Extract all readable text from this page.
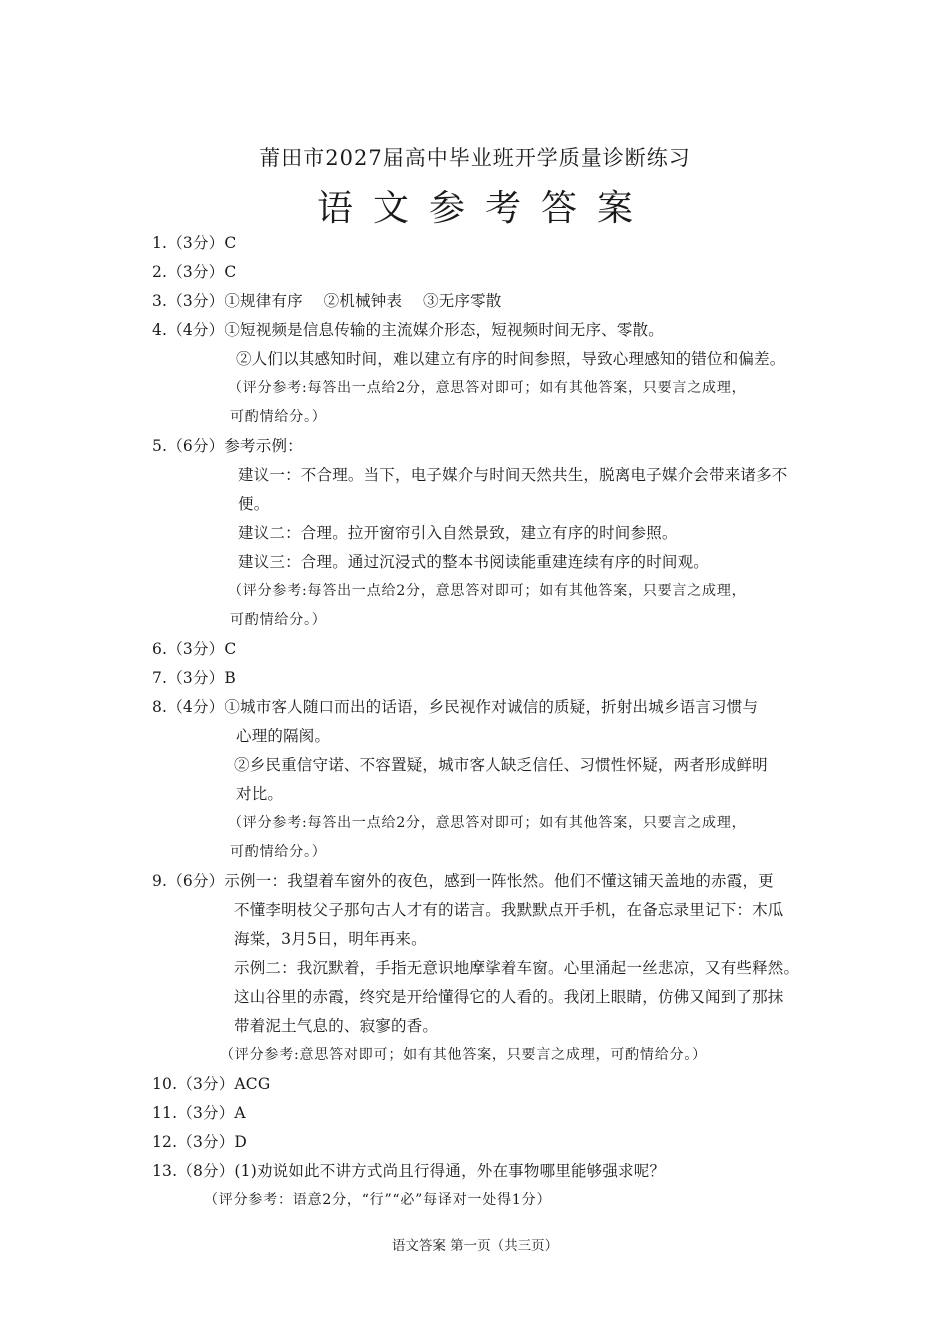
莆田市2027届高中毕业班开学质量诊断练习
语文参考答案
1.（3分）C
2.（3分）C
3.（3分）①规律有序　 ②机械钟表　 ③无序零散
4.（4分）①短视频是信息传输的主流媒介形态，短视频时间无序、零散。
②人们以其感知时间，难以建立有序的时间参照，导致心理感知的错位和偏差。
（评分参考:每答出一点给2分，意思答对即可；如有其他答案，只要言之成理，
可酌情给分。）
5.（6分）参考示例：
建议一：不合理。当下，电子媒介与时间天然共生，脱离电子媒介会带来诸多不
便。
建议二：合理。拉开窗帘引入自然景致，建立有序的时间参照。
建议三：合理。通过沉浸式的整本书阅读能重建连续有序的时间观。
（评分参考:每答出一点给2分，意思答对即可；如有其他答案，只要言之成理，
可酌情给分。）
6.（3分）C
7.（3分）B
8.（4分）①城市客人随口而出的话语，乡民视作对诚信的质疑，折射出城乡语言习惯与
心理的隔阂。
②乡民重信守诺、不容置疑，城市客人缺乏信任、习惯性怀疑，两者形成鲜明
对比。
（评分参考:每答出一点给2分，意思答对即可；如有其他答案，只要言之成理，
可酌情给分。）
9.（6分）示例一：我望着车窗外的夜色，感到一阵怅然。他们不懂这铺天盖地的赤霞，更
不懂李明枝父子那句古人才有的诺言。我默默点开手机，在备忘录里记下：木瓜
海棠，3月5日，明年再来。
示例二：我沉默着，手指无意识地摩挲着车窗。心里涌起一丝悲凉，又有些释然。
这山谷里的赤霞，终究是开给懂得它的人看的。我闭上眼睛，仿佛又闻到了那抹
带着泥土气息的、寂寥的香。
（评分参考:意思答对即可；如有其他答案，只要言之成理，可酌情给分。）
10.（3分）ACG
11.（3分）A
12.（3分）D
13.（8分）(1)劝说如此不讲方式尚且行得通，外在事物哪里能够强求呢？
（评分参考：语意2分，“行”“必”每译对一处得1分）
语文答案 第一页（共三页）
